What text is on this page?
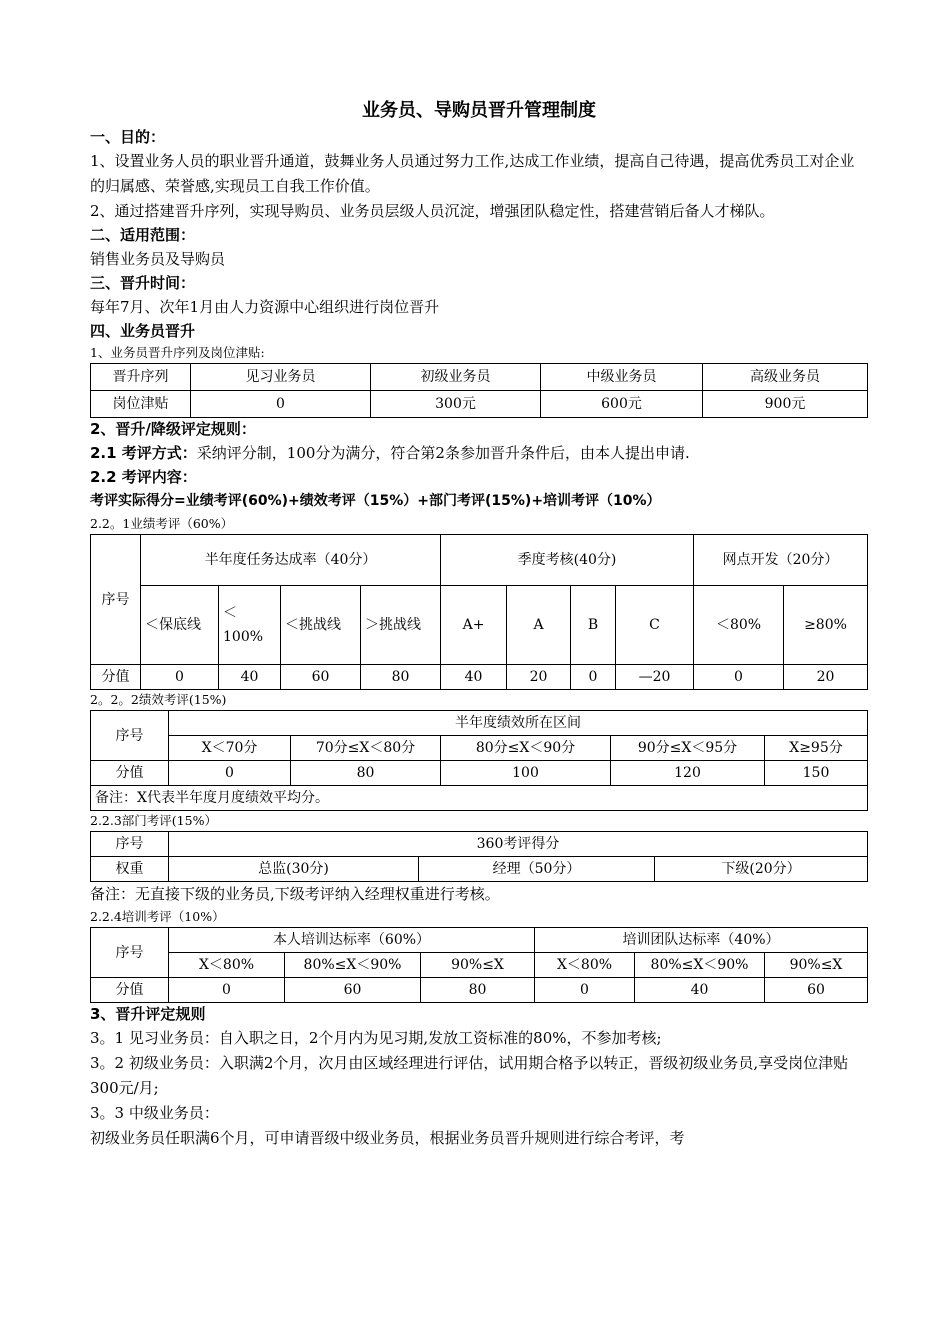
业务员、导购员晋升管理制度

一、目的：

1、设置业务人员的职业晋升通道，鼓舞业务人员通过努力工作,达成工作业绩，提高自己待遇，提高优秀员工对企业的归属感、荣誉感,实现员工自我工作价值。

2、通过搭建晋升序列，实现导购员、业务员层级人员沉淀，增强团队稳定性，搭建营销后备人才梯队。

二、适用范围：

销售业务员及导购员

三、晋升时间：

每年7月、次年1月由人力资源中心组织进行岗位晋升

四、业务员晋升

1、业务员晋升序列及岗位津贴:

晋升序列	见习业务员	初级业务员	中级业务员	高级业务员
岗位津贴	0	300元	600元	900元

2、晋升/降级评定规则：

2.1 考评方式：采纳评分制，100分为满分，符合第2条参加晋升条件后，由本人提出申请.

2.2 考评内容：

考评实际得分=业绩考评(60%)+绩效考评（15%）+部门考评(15%)+培训考评（10%）

2.2。1业绩考评（60%）

序号	半年度任务达成率（40分）				季度考核(40分)				网点开发（20分）	
	＜保底线	＜100%	＜挑战线	＞挑战线	A+	A	B	C	＜80%	≥80%
分值	0	40	60	80	40	20	0	—20	0	20

2。2。2绩效考评(15%)

序号	半年度绩效所在区间				
	X＜70分	70分≤X＜80分	80分≤X＜90分	90分≤X＜95分	X≥95分
分值	0	80	100	120	150
备注：X代表半年度月度绩效平均分。					

2.2.3部门考评(15%）

序号	360考评得分		
权重	总监(30分)	经理（50分）	下级(20分）

备注：无直接下级的业务员,下级考评纳入经理权重进行考核。

2.2.4培训考评（10%）

序号	本人培训达标率（60%）			培训团队达标率（40%）		
	X＜80%	80%≤X＜90%	90%≤X	X＜80%	80%≤X＜90%	90%≤X
分值	0	60	80	0	40	60

3、晋升评定规则

3。1 见习业务员：自入职之日，2个月内为见习期,发放工资标准的80%，不参加考核;

3。2 初级业务员：入职满2个月，次月由区域经理进行评估，试用期合格予以转正，晋级初级业务员,享受岗位津贴300元/月;

3。3 中级业务员：

初级业务员任职满6个月，可申请晋级中级业务员，根据业务员晋升规则进行综合考评，考
